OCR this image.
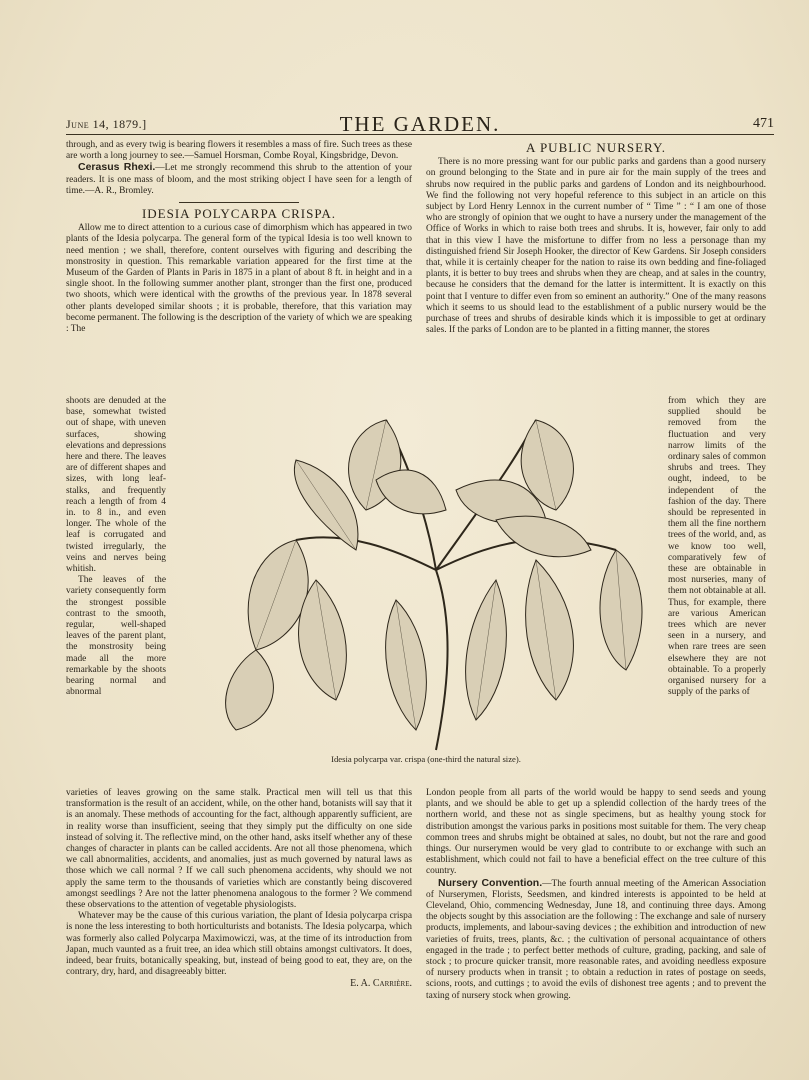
June 14, 1879.]	THE GARDEN.	471

through, and as every twig is bearing flowers it resembles a mass of fire. Such trees as these are worth a long journey to see.—Samuel Horsman, Combe Royal, Kingsbridge, Devon.

Cerasus Rhexi.—Let me strongly recommend this shrub to the attention of your readers. It is one mass of bloom, and the most striking object I have seen for a length of time.—A. R., Bromley.

IDESIA POLYCARPA CRISPA.

Allow me to direct attention to a curious case of dimorphism which has appeared in two plants of the Idesia polycarpa. The general form of the typical Idesia is too well known to need mention ; we shall, therefore, content ourselves with figuring and describing the monstrosity in question. This remarkable variation appeared for the first time at the Museum of the Garden of Plants in Paris in 1875 in a plant of about 8 ft. in height and in a single shoot. In the following summer another plant, stronger than the first one, produced two shoots, which were identical with the growths of the previous year. In 1878 several other plants developed similar shoots ; it is probable, therefore, that this variation may become permanent. The following is the description of the variety of which we are speaking : The

shoots are denuded at the base, somewhat twisted out of shape, with uneven surfaces, showing elevations and depressions here and there. The leaves are of different shapes and sizes, with long leaf-stalks, and frequently reach a length of from 4 in. to 8 in., and even longer. The whole of the leaf is corrugated and twisted irregularly, the veins and nerves being whitish.

The leaves of the variety consequently form the strongest possible contrast to the smooth, regular, well-shaped leaves of the parent plant, the monstrosity being made all the more remarkable by the shoots bearing normal and abnormal

Idesia polycarpa var. crispa (one-third the natural size).

varieties of leaves growing on the same stalk. Practical men will tell us that this transformation is the result of an accident, while, on the other hand, botanists will say that it is an anomaly. These methods of accounting for the fact, although apparently sufficient, are in reality worse than insufficient, seeing that they simply put the difficulty on one side instead of solving it. The reflective mind, on the other hand, asks itself whether any of these changes of character in plants can be called accidents. Are not all those phenomena, which we call abnormalities, accidents, and anomalies, just as much governed by natural laws as those which we call normal ? If we call such phenomena accidents, why should we not apply the same term to the thousands of varieties which are constantly being discovered amongst seedlings ? Are not the latter phenomena analogous to the former ? We commend these observations to the attention of vegetable physiologists.

Whatever may be the cause of this curious variation, the plant of Idesia polycarpa crispa is none the less interesting to both horticulturists and botanists. The Idesia polycarpa, which was formerly also called Polycarpa Maximowiczi, was, at the time of its introduction from Japan, much vaunted as a fruit tree, an idea which still obtains amongst cultivators. It does, indeed, bear fruits, botanically speaking, but, instead of being good to eat, they are, on the contrary, dry, hard, and disagreeably bitter.

E. A. Carrière.

A PUBLIC NURSERY.

There is no more pressing want for our public parks and gardens than a good nursery on ground belonging to the State and in pure air for the main supply of the trees and shrubs now required in the public parks and gardens of London and its neighbourhood. We find the following not very hopeful reference to this subject in an article on this subject by Lord Henry Lennox in the current number of “ Time ” : “ I am one of those who are strongly of opinion that we ought to have a nursery under the management of the Office of Works in which to raise both trees and shrubs. It is, however, fair only to add that in this view I have the misfortune to differ from no less a personage than my distinguished friend Sir Joseph Hooker, the director of Kew Gardens. Sir Joseph considers that, while it is certainly cheaper for the nation to raise its own bedding and fine-foliaged plants, it is better to buy trees and shrubs when they are cheap, and at sales in the country, because he considers that the demand for the latter is intermittent. It is exactly on this point that I venture to differ even from so eminent an authority.” One of the many reasons which it seems to us should lead to the establishment of a public nursery would be the purchase of trees and shrubs of desirable kinds which it is impossible to get at ordinary sales. If the parks of London are to be planted in a fitting manner, the stores

from which they are supplied should be removed from the fluctuation and very narrow limits of the ordinary sales of common shrubs and trees. They ought, indeed, to be independent of the fashion of the day. There should be represented in them all the fine northern trees of the world, and, as we know too well, comparatively few of these are obtainable in most nurseries, many of them not obtainable at all. Thus, for example, there are various American trees which are never seen in a nursery, and when rare trees are seen elsewhere they are not obtainable. To a properly organised nursery for a supply of the parks of

London people from all parts of the world would be happy to send seeds and young plants, and we should be able to get up a splendid collection of the hardy trees of the northern world, and these not as single specimens, but as healthy young stock for distribution amongst the various parks in positions most suitable for them. The very cheap common trees and shrubs might be obtained at sales, no doubt, but not the rare and good things. Our nurserymen would be very glad to contribute to or exchange with such an establishment, which could not fail to have a beneficial effect on the tree culture of this country.

Nursery Convention.—The fourth annual meeting of the American Association of Nurserymen, Florists, Seedsmen, and kindred interests is appointed to be held at Cleveland, Ohio, commencing Wednesday, June 18, and continuing three days. Among the objects sought by this association are the following : The exchange and sale of nursery products, implements, and labour-saving devices ; the exhibition and introduction of new varieties of fruits, trees, plants, &c. ; the cultivation of personal acquaintance of others engaged in the trade ; to perfect better methods of culture, grading, packing, and sale of stock ; to procure quicker transit, more reasonable rates, and avoiding needless exposure of nursery products when in transit ; to obtain a reduction in rates of postage on seeds, scions, roots, and cuttings ; to avoid the evils of dishonest tree agents ; and to prevent the taxing of nursery stock when growing.
